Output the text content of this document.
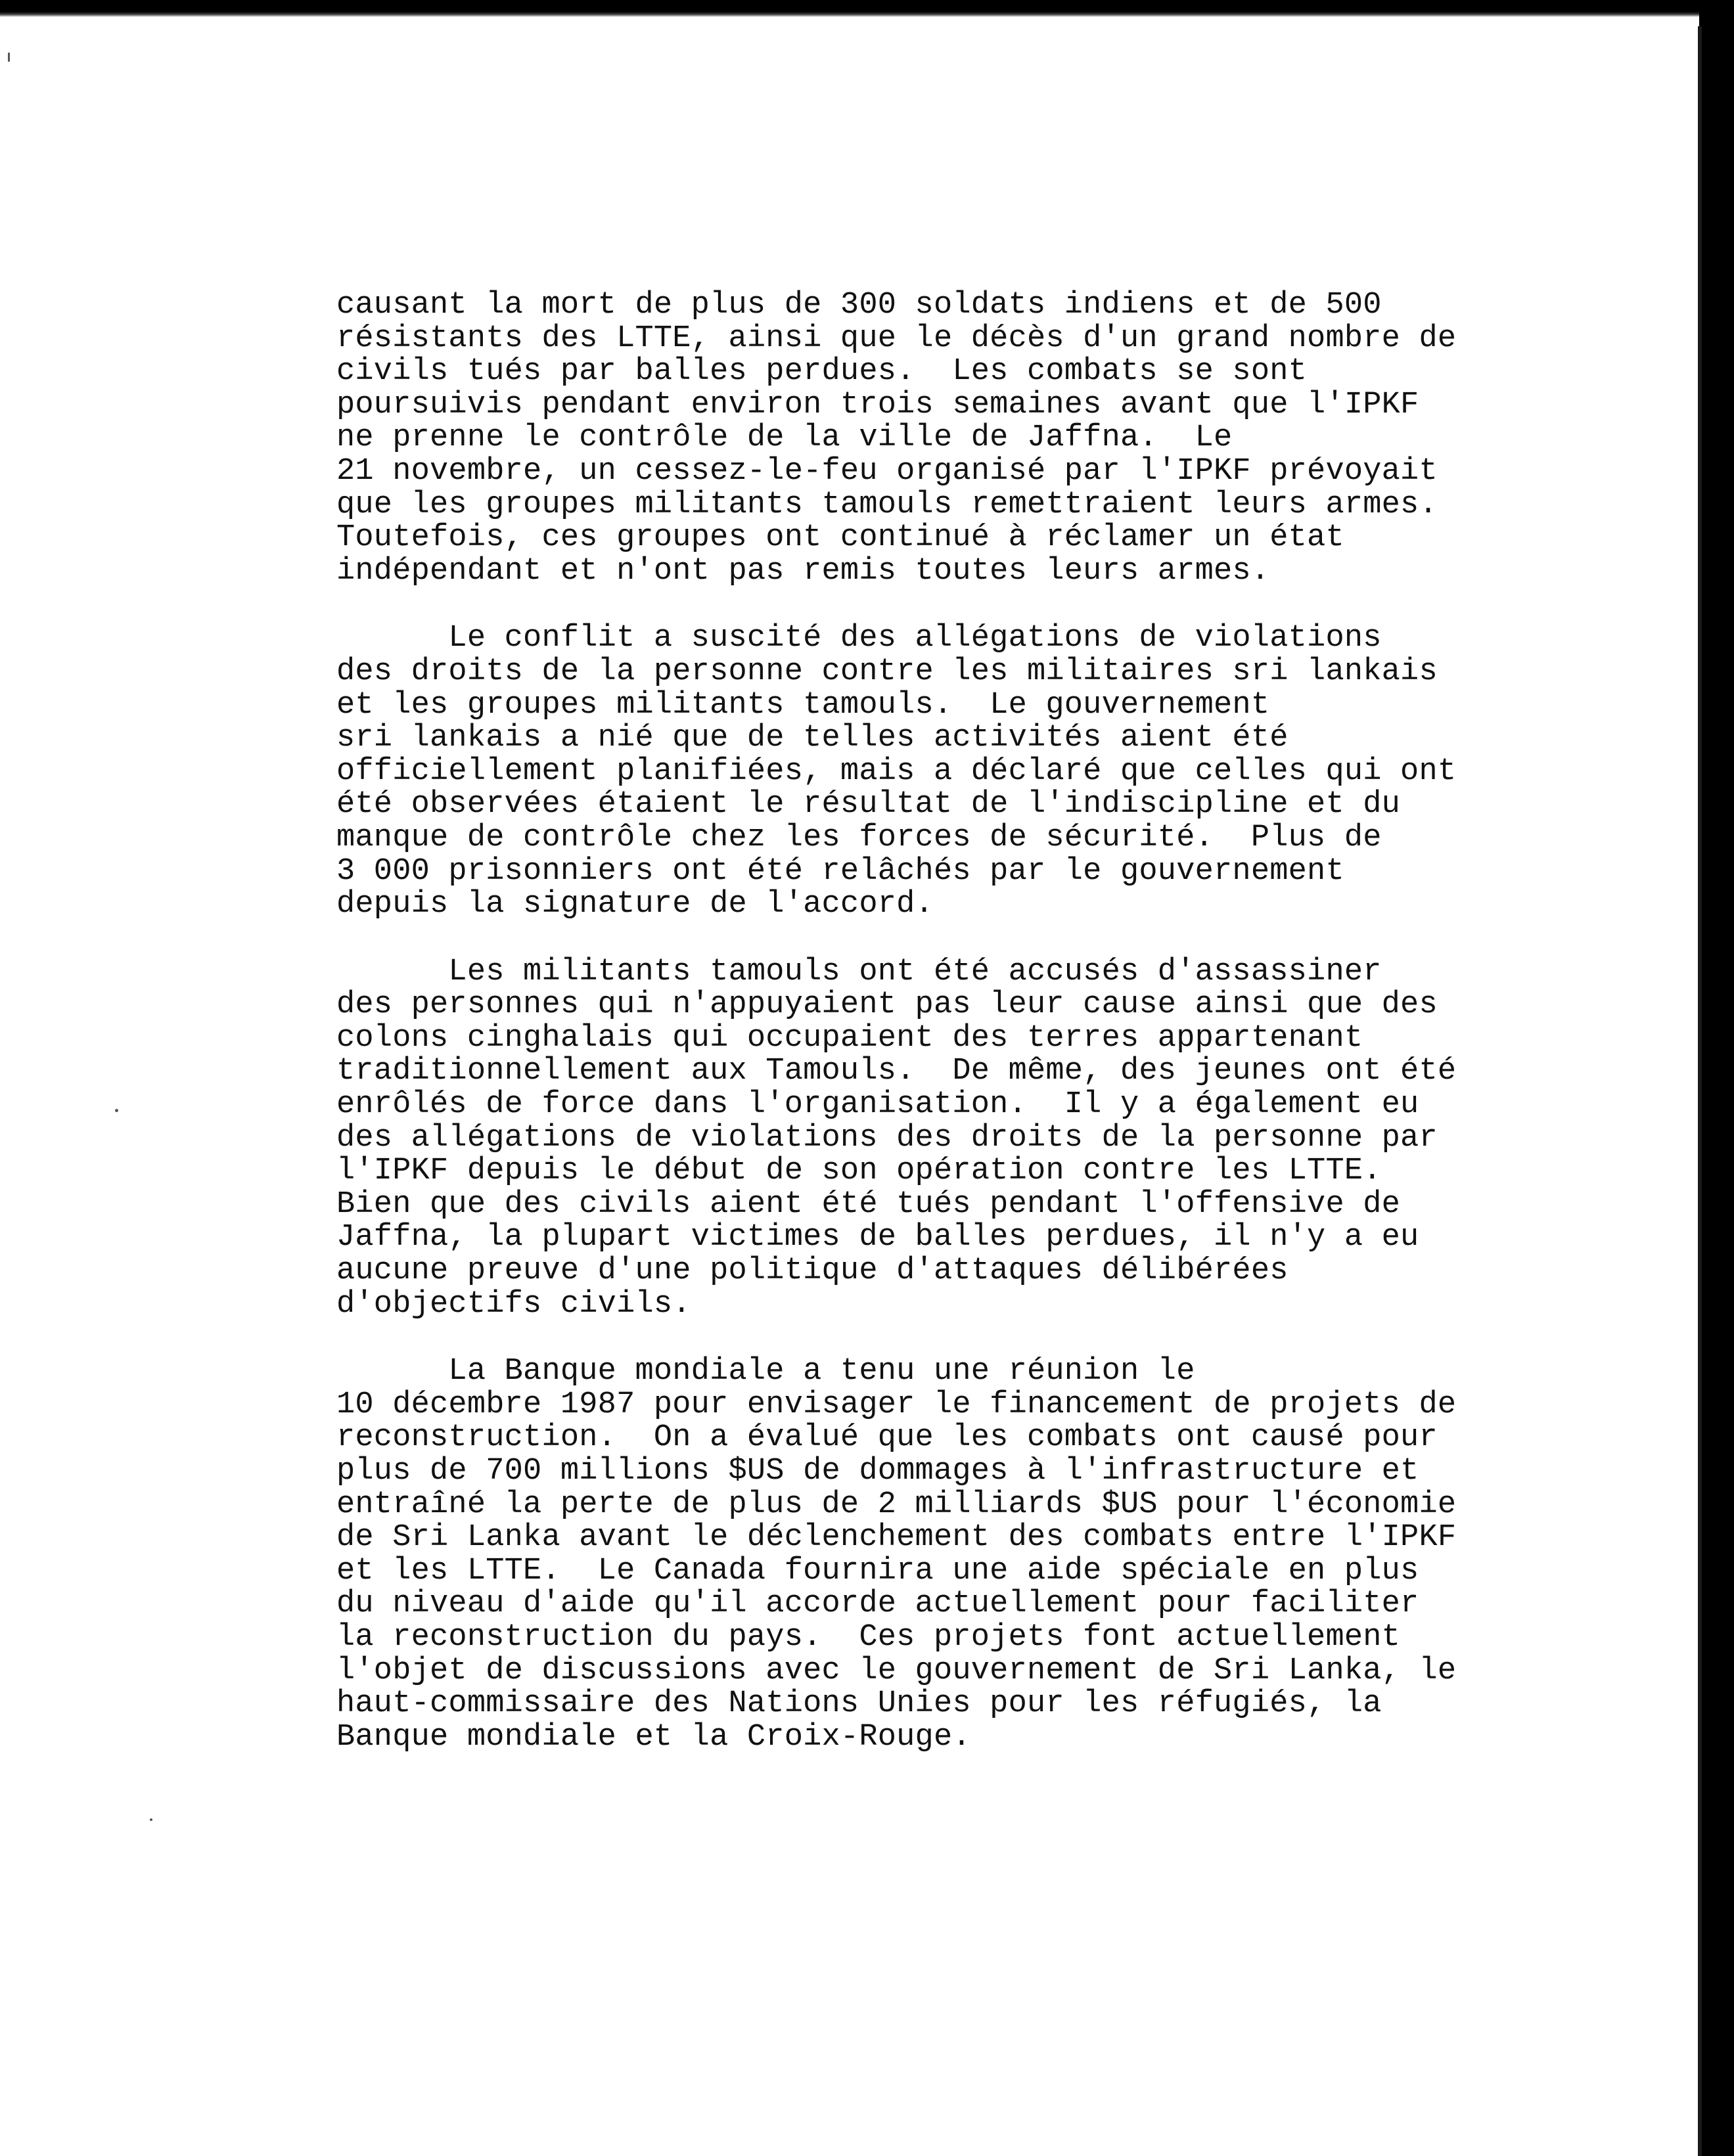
causant la mort de plus de 300 soldats indiens et de 500
résistants des LTTE, ainsi que le décès d'un grand nombre de
civils tués par balles perdues.  Les combats se sont
poursuivis pendant environ trois semaines avant que l'IPKF
ne prenne le contrôle de la ville de Jaffna.  Le
21 novembre, un cessez-le-feu organisé par l'IPKF prévoyait
que les groupes militants tamouls remettraient leurs armes.
Toutefois, ces groupes ont continué à réclamer un état
indépendant et n'ont pas remis toutes leurs armes.
Le conflit a suscité des allégations de violations
des droits de la personne contre les militaires sri lankais
et les groupes militants tamouls.  Le gouvernement
sri lankais a nié que de telles activités aient été
officiellement planifiées, mais a déclaré que celles qui ont
été observées étaient le résultat de l'indiscipline et du
manque de contrôle chez les forces de sécurité.  Plus de
3 000 prisonniers ont été relâchés par le gouvernement
depuis la signature de l'accord.
Les militants tamouls ont été accusés d'assassiner
des personnes qui n'appuyaient pas leur cause ainsi que des
colons cinghalais qui occupaient des terres appartenant
traditionnellement aux Tamouls.  De même, des jeunes ont été
enrôlés de force dans l'organisation.  Il y a également eu
des allégations de violations des droits de la personne par
l'IPKF depuis le début de son opération contre les LTTE.
Bien que des civils aient été tués pendant l'offensive de
Jaffna, la plupart victimes de balles perdues, il n'y a eu
aucune preuve d'une politique d'attaques délibérées
d'objectifs civils.
La Banque mondiale a tenu une réunion le
10 décembre 1987 pour envisager le financement de projets de
reconstruction.  On a évalué que les combats ont causé pour
plus de 700 millions $US de dommages à l'infrastructure et
entraîné la perte de plus de 2 milliards $US pour l'économie
de Sri Lanka avant le déclenchement des combats entre l'IPKF
et les LTTE.  Le Canada fournira une aide spéciale en plus
du niveau d'aide qu'il accorde actuellement pour faciliter
la reconstruction du pays.  Ces projets font actuellement
l'objet de discussions avec le gouvernement de Sri Lanka, le
haut-commissaire des Nations Unies pour les réfugiés, la
Banque mondiale et la Croix-Rouge.
